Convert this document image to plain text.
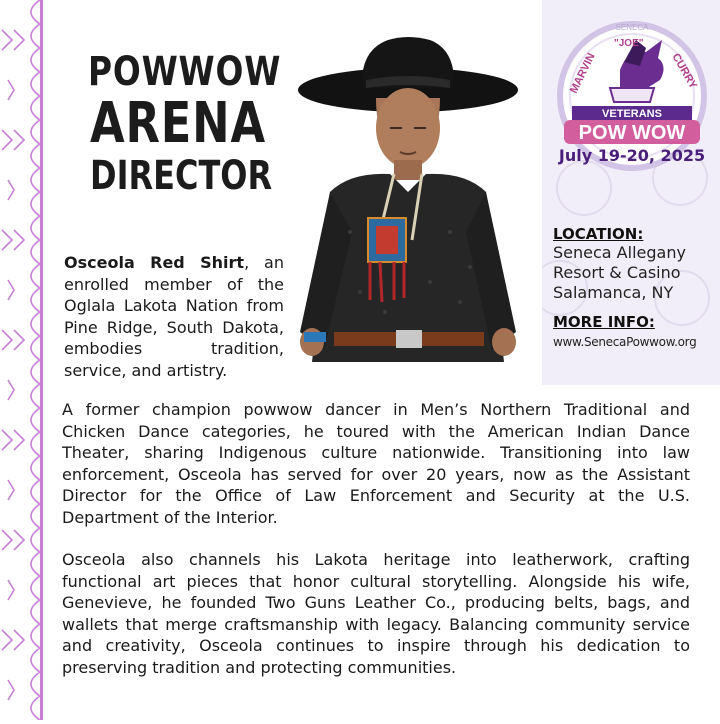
POWWOW
ARENA
DIRECTOR
Osceola Red Shirt, an enrolled member of the Oglala Lakota Nation from Pine Ridge, South Dakota, embodies tradition, service, and artistry.
A former champion powwow dancer in Men’s Northern Traditional and Chicken Dance categories, he toured with the American Indian Dance Theater, sharing Indigenous culture nationwide. Transitioning into law enforcement, Osceola has served for over 20 years, now as the Assistant Director for the Office of Law Enforcement and Security at the U.S. Department of the Interior.
Osceola also channels his Lakota heritage into leatherwork, crafting functional art pieces that honor cultural storytelling. Alongside his wife, Genevieve, he founded Two Guns Leather Co., producing belts, bags, and wallets that merge craftsmanship with legacy. Balancing community service and creativity, Osceola continues to inspire through his dedication to preserving tradition and protecting communities.
VETERANS
POW WOW
MARVIN	CURRY
"JOE"
SENECA
July 19-20, 2025
LOCATION:
Seneca Allegany
Resort & Casino
Salamanca, NY
MORE INFO:
www.SenecaPowwow.org
